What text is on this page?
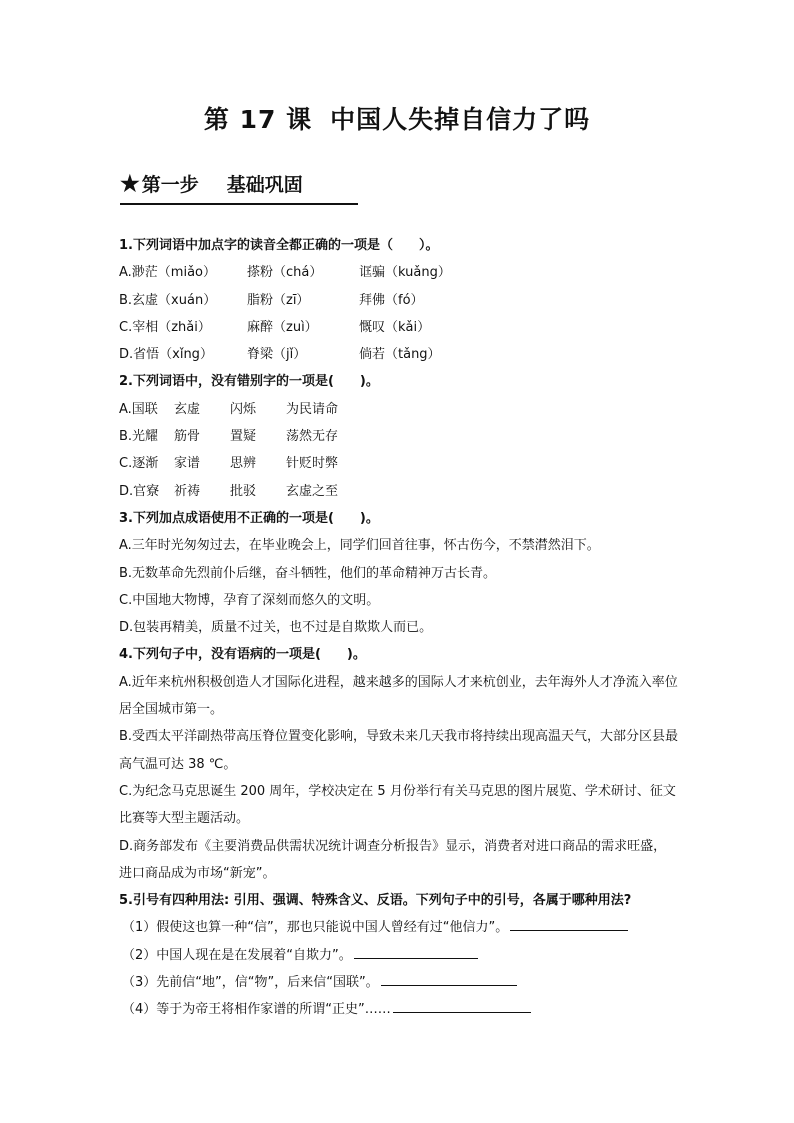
第 17 课 中国人失掉自信力了吗
★ 第一步 基础巩固
1.下列词语中加点字的读音全都正确的一项是（　　）。
A.渺茫（miǎo）	搽粉（chá）	诓骗（kuǎng）
B.玄虚（xuán）	脂粉（zī）	拜佛（fó）
C.宰相（zhǎi）	麻醉（zuì）	慨叹（kǎi）
D.省悟（xǐng）	脊梁（jǐ）	倘若（tǎng）
2.下列词语中，没有错别字的一项是(　　)。
A.国联	玄虚	闪烁	为民请命
B.光耀	筋骨	置疑	荡然无存
C.逐渐	家谱	思辨	针贬时弊
D.官寮	祈祷	批驳	玄虚之至
3.下列加点成语使用不正确的一项是(　　)。
A.三年时光匆匆过去，在毕业晚会上，同学们回首往事，怀古伤今，不禁潸然泪下。
B.无数革命先烈前仆后继，奋斗牺牲，他们的革命精神万古长青。
C.中国地大物博，孕育了深刻而悠久的文明。
D.包装再精美，质量不过关，也不过是自欺欺人而已。
4.下列句子中，没有语病的一项是(　　)。
A.近年来杭州积极创造人才国际化进程，越来越多的国际人才来杭创业，去年海外人才净流入率位居全国城市第一。
B.受西太平洋副热带高压脊位置变化影响，导致未来几天我市将持续出现高温天气，大部分区县最高气温可达 38 ℃。
C.为纪念马克思诞生 200 周年，学校决定在 5 月份举行有关马克思的图片展览、学术研讨、征文比赛等大型主题活动。
D.商务部发布《主要消费品供需状况统计调查分析报告》显示，消费者对进口商品的需求旺盛，进口商品成为市场“新宠”。
5.引号有四种用法: 引用、强调、特殊含义、反语。下列句子中的引号，各属于哪种用法?
（1）假使这也算一种“信”，那也只能说中国人曾经有过“他信力”。
（2）中国人现在是在发展着“自欺力”。
（3）先前信“地”，信“物”，后来信“国联”。
（4）等于为帝王将相作家谱的所谓“正史”……
